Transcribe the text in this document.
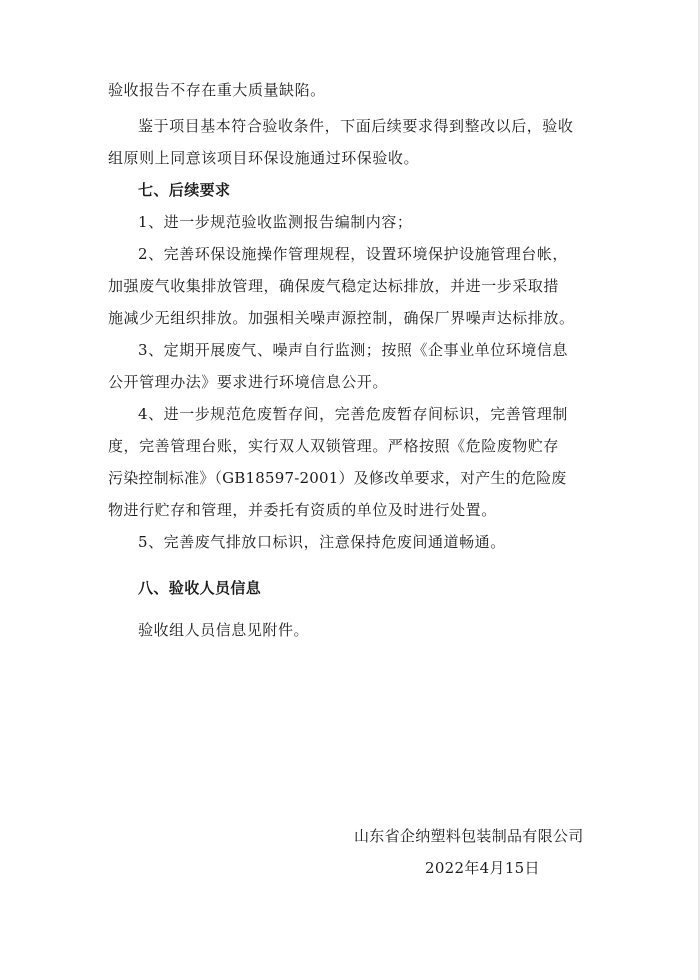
验收报告不存在重大质量缺陷。
鉴于项目基本符合验收条件，下面后续要求得到整改以后，验收
组原则上同意该项目环保设施通过环保验收。
七、后续要求
1、进一步规范验收监测报告编制内容；
2、完善环保设施操作管理规程，设置环境保护设施管理台帐，
加强废气收集排放管理，确保废气稳定达标排放，并进一步采取措
施减少无组织排放。加强相关噪声源控制，确保厂界噪声达标排放。
3、定期开展废气、噪声自行监测；按照《企事业单位环境信息
公开管理办法》要求进行环境信息公开。
4、进一步规范危废暂存间，完善危废暂存间标识，完善管理制
度，完善管理台账，实行双人双锁管理。严格按照《危险废物贮存
污染控制标准》（GB18597-2001）及修改单要求，对产生的危险废
物进行贮存和管理，并委托有资质的单位及时进行处置。
5、完善废气排放口标识，注意保持危废间通道畅通。
八、验收人员信息
验收组人员信息见附件。
山东省企纳塑料包装制品有限公司
2022年4月15日
